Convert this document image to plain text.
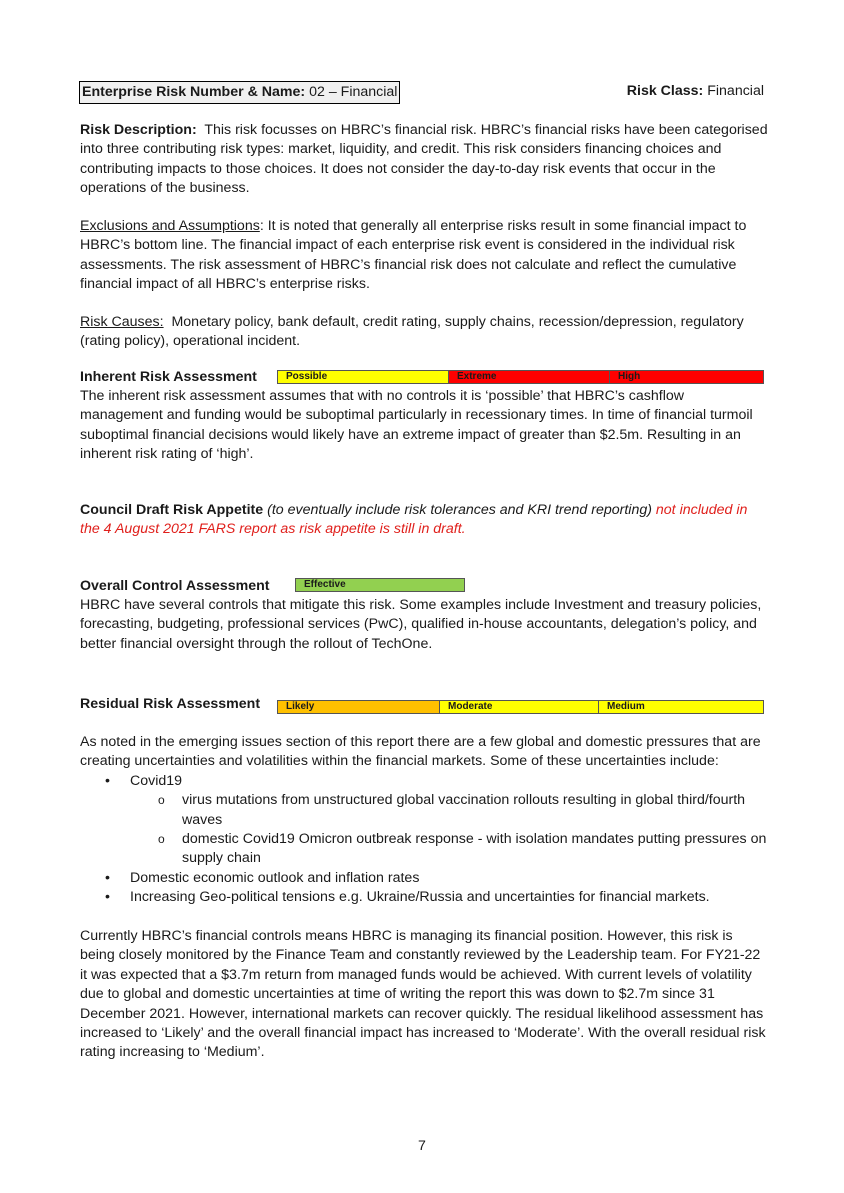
Enterprise Risk Number & Name: 02 – Financial	Risk Class: Financial

Risk Description: This risk focusses on HBRC’s financial risk. HBRC’s financial risks have been categorised into three contributing risk types: market, liquidity, and credit. This risk considers financing choices and contributing impacts to those choices. It does not consider the day-to-day risk events that occur in the operations of the business.

Exclusions and Assumptions: It is noted that generally all enterprise risks result in some financial impact to HBRC’s bottom line. The financial impact of each enterprise risk event is considered in the individual risk assessments. The risk assessment of HBRC’s financial risk does not calculate and reflect the cumulative financial impact of all HBRC’s enterprise risks.

Risk Causes: Monetary policy, bank default, credit rating, supply chains, recession/depression, regulatory (rating policy), operational incident.

Inherent Risk Assessment	Possible	Extreme	High

The inherent risk assessment assumes that with no controls it is ‘possible’ that HBRC’s cashflow management and funding would be suboptimal particularly in recessionary times. In time of financial turmoil suboptimal financial decisions would likely have an extreme impact of greater than $2.5m. Resulting in an inherent risk rating of ‘high’.

Council Draft Risk Appetite (to eventually include risk tolerances and KRI trend reporting) not included in the 4 August 2021 FARS report as risk appetite is still in draft.

Overall Control Assessment	Effective

HBRC have several controls that mitigate this risk. Some examples include Investment and treasury policies, forecasting, budgeting, professional services (PwC), qualified in-house accountants, delegation’s policy, and better financial oversight through the rollout of TechOne.

Residual Risk Assessment	Likely	Moderate	Medium

As noted in the emerging issues section of this report there are a few global and domestic pressures that are creating uncertainties and volatilities within the financial markets. Some of these uncertainties include:

• Covid19
o virus mutations from unstructured global vaccination rollouts resulting in global third/fourth waves
o domestic Covid19 Omicron outbreak response - with isolation mandates putting pressures on supply chain
• Domestic economic outlook and inflation rates
• Increasing Geo-political tensions e.g. Ukraine/Russia and uncertainties for financial markets.

Currently HBRC’s financial controls means HBRC is managing its financial position. However, this risk is being closely monitored by the Finance Team and constantly reviewed by the Leadership team. For FY21-22 it was expected that a $3.7m return from managed funds would be achieved. With current levels of volatility due to global and domestic uncertainties at time of writing the report this was down to $2.7m since 31 December 2021. However, international markets can recover quickly. The residual likelihood assessment has increased to ‘Likely’ and the overall financial impact has increased to ‘Moderate’. With the overall residual risk rating increasing to ‘Medium’.

7
